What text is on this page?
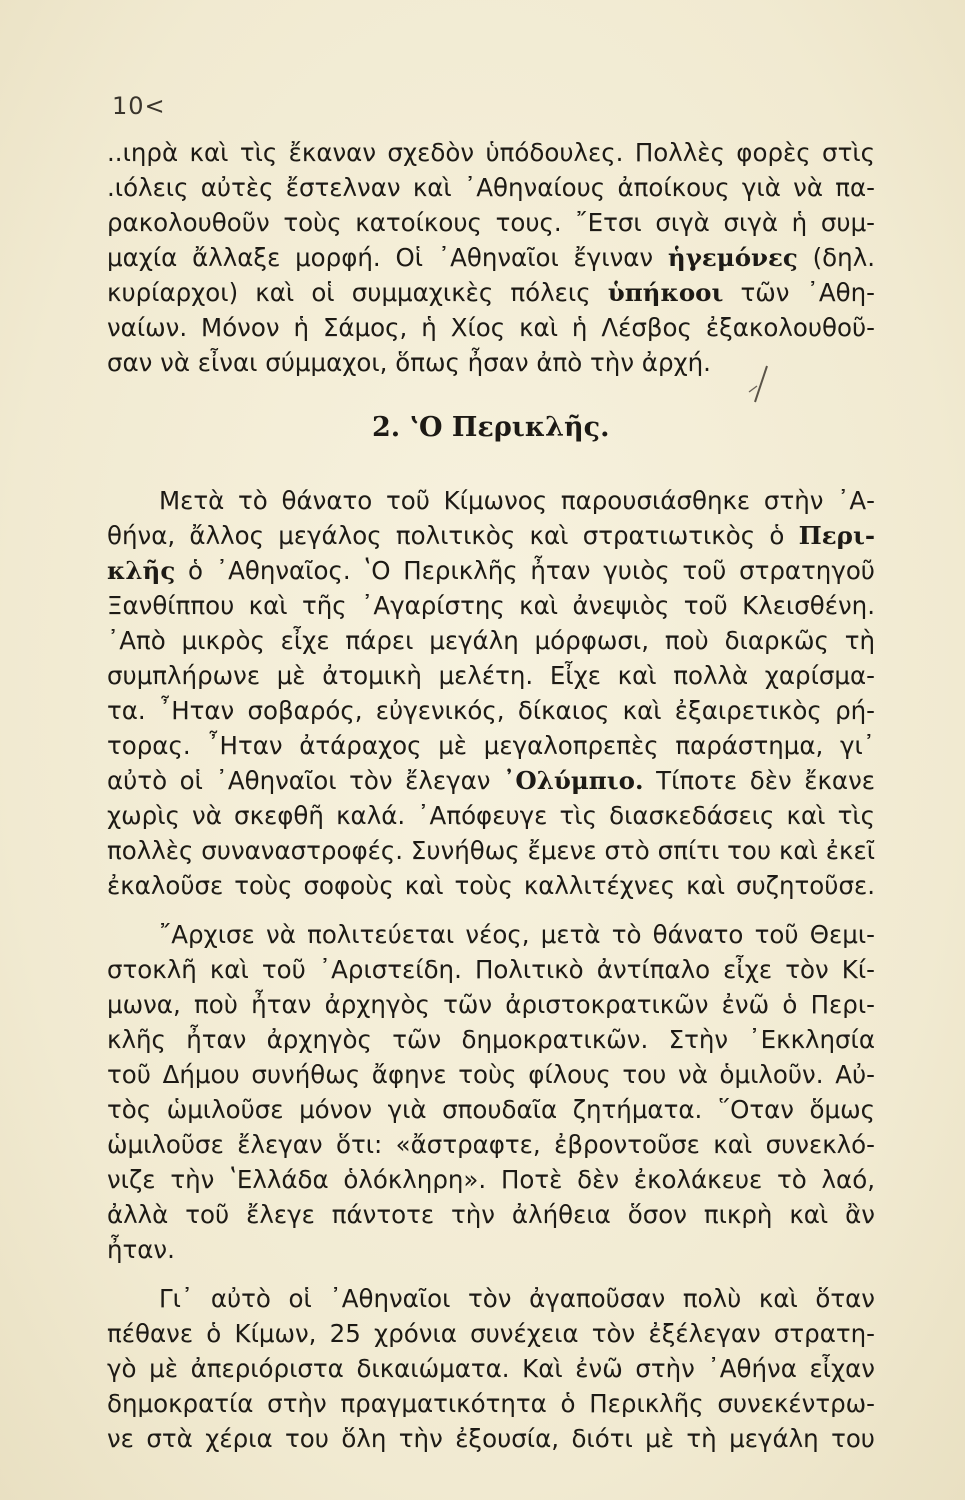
10<
..ιηρὰ καὶ τὶς ἔκαναν σχεδὸν ὑπόδουλες. Πολλὲς φορὲς στὶς
.ιόλεις αὐτὲς ἔστελναν καὶ ᾿Αθηναίους ἀποίκους γιὰ νὰ πα-
ρακολουθοῦν τοὺς κατοίκους τους. ῎Ετσι σιγὰ σιγὰ ἡ συμ-
μαχία ἄλλαξε μορφή. Οἱ ᾿Αθηναῖοι ἔγιναν ἡγεμόνες (δηλ.
κυρίαρχοι) καὶ οἱ συμμαχικὲς πόλεις ὑπήκοοι τῶν ᾿Αθη-
ναίων. Μόνον ἡ Σάμος, ἡ Χίος καὶ ἡ Λέσβος ἐξακολουθοῦ-
σαν νὰ εἶναι σύμμαχοι, ὅπως ἦσαν ἀπὸ τὴν ἀρχή.
2. ʽΟ Περικλῆς.
Μετὰ τὸ θάνατο τοῦ Κίμωνος παρουσιάσθηκε στὴν ᾿Α-
θήνα, ἄλλος μεγάλος πολιτικὸς καὶ στρατιωτικὸς ὁ Περι-
κλῆς ὁ ᾿Αθηναῖος. ʽΟ Περικλῆς ἦταν γυιὸς τοῦ στρατηγοῦ
Ξανθίππου καὶ τῆς ᾿Αγαρίστης καὶ ἀνεψιὸς τοῦ Κλεισθένη.
᾿Απὸ μικρὸς εἶχε πάρει μεγάλη μόρφωσι, ποὺ διαρκῶς τὴ
συμπλήρωνε μὲ ἀτομικὴ μελέτη. Εἶχε καὶ πολλὰ χαρίσμα-
τα. ῏Ηταν σοβαρός, εὐγενικός, δίκαιος καὶ ἐξαιρετικὸς ρή-
τορας. ῏Ηταν ἀτάραχος μὲ μεγαλοπρεπὲς παράστημα, γι᾿
αὐτὸ οἱ ᾿Αθηναῖοι τὸν ἔλεγαν ᾿Ολύμπιο. Τίποτε δὲν ἔκανε
χωρὶς νὰ σκεφθῆ καλά. ᾿Απόφευγε τὶς διασκεδάσεις καὶ τὶς
πολλὲς συναναστροφές. Συνήθως ἔμενε στὸ σπίτι του καὶ ἐκεῖ
ἐκαλοῦσε τοὺς σοφοὺς καὶ τοὺς καλλιτέχνες καὶ συζητοῦσε.
῎Αρχισε νὰ πολιτεύεται νέος, μετὰ τὸ θάνατο τοῦ Θεμι-
στοκλῆ καὶ τοῦ ᾿Αριστείδη. Πολιτικὸ ἀντίπαλο εἶχε τὸν Κί-
μωνα, ποὺ ἦταν ἀρχηγὸς τῶν ἀριστοκρατικῶν ἐνῶ ὁ Περι-
κλῆς ἦταν ἀρχηγὸς τῶν δημοκρατικῶν. Στὴν ᾿Εκκλησία
τοῦ Δήμου συνήθως ἄφηνε τοὺς φίλους του νὰ ὁμιλοῦν. Αὐ-
τὸς ὡμιλοῦσε μόνον γιὰ σπουδαῖα ζητήματα. ῞Οταν ὅμως
ὡμιλοῦσε ἔλεγαν ὅτι: «ἄστραφτε, ἐβροντοῦσε καὶ συνεκλό-
νιζε τὴν ʽΕλλάδα ὁλόκληρη». Ποτὲ δὲν ἐκολάκευε τὸ λαό,
ἀλλὰ τοῦ ἔλεγε πάντοτε τὴν ἀλήθεια ὅσον πικρὴ καὶ ἂν
ἦταν.
Γι᾿ αὐτὸ οἱ ᾿Αθηναῖοι τὸν ἀγαποῦσαν πολὺ καὶ ὅταν
πέθανε ὁ Κίμων, 25 χρόνια συνέχεια τὸν ἐξέλεγαν στρατη-
γὸ μὲ ἀπεριόριστα δικαιώματα. Καὶ ἐνῶ στὴν ᾿Αθήνα εἶχαν
δημοκρατία στὴν πραγματικότητα ὁ Περικλῆς συνεκέντρω-
νε στὰ χέρια του ὅλη τὴν ἐξουσία, διότι μὲ τὴ μεγάλη του
